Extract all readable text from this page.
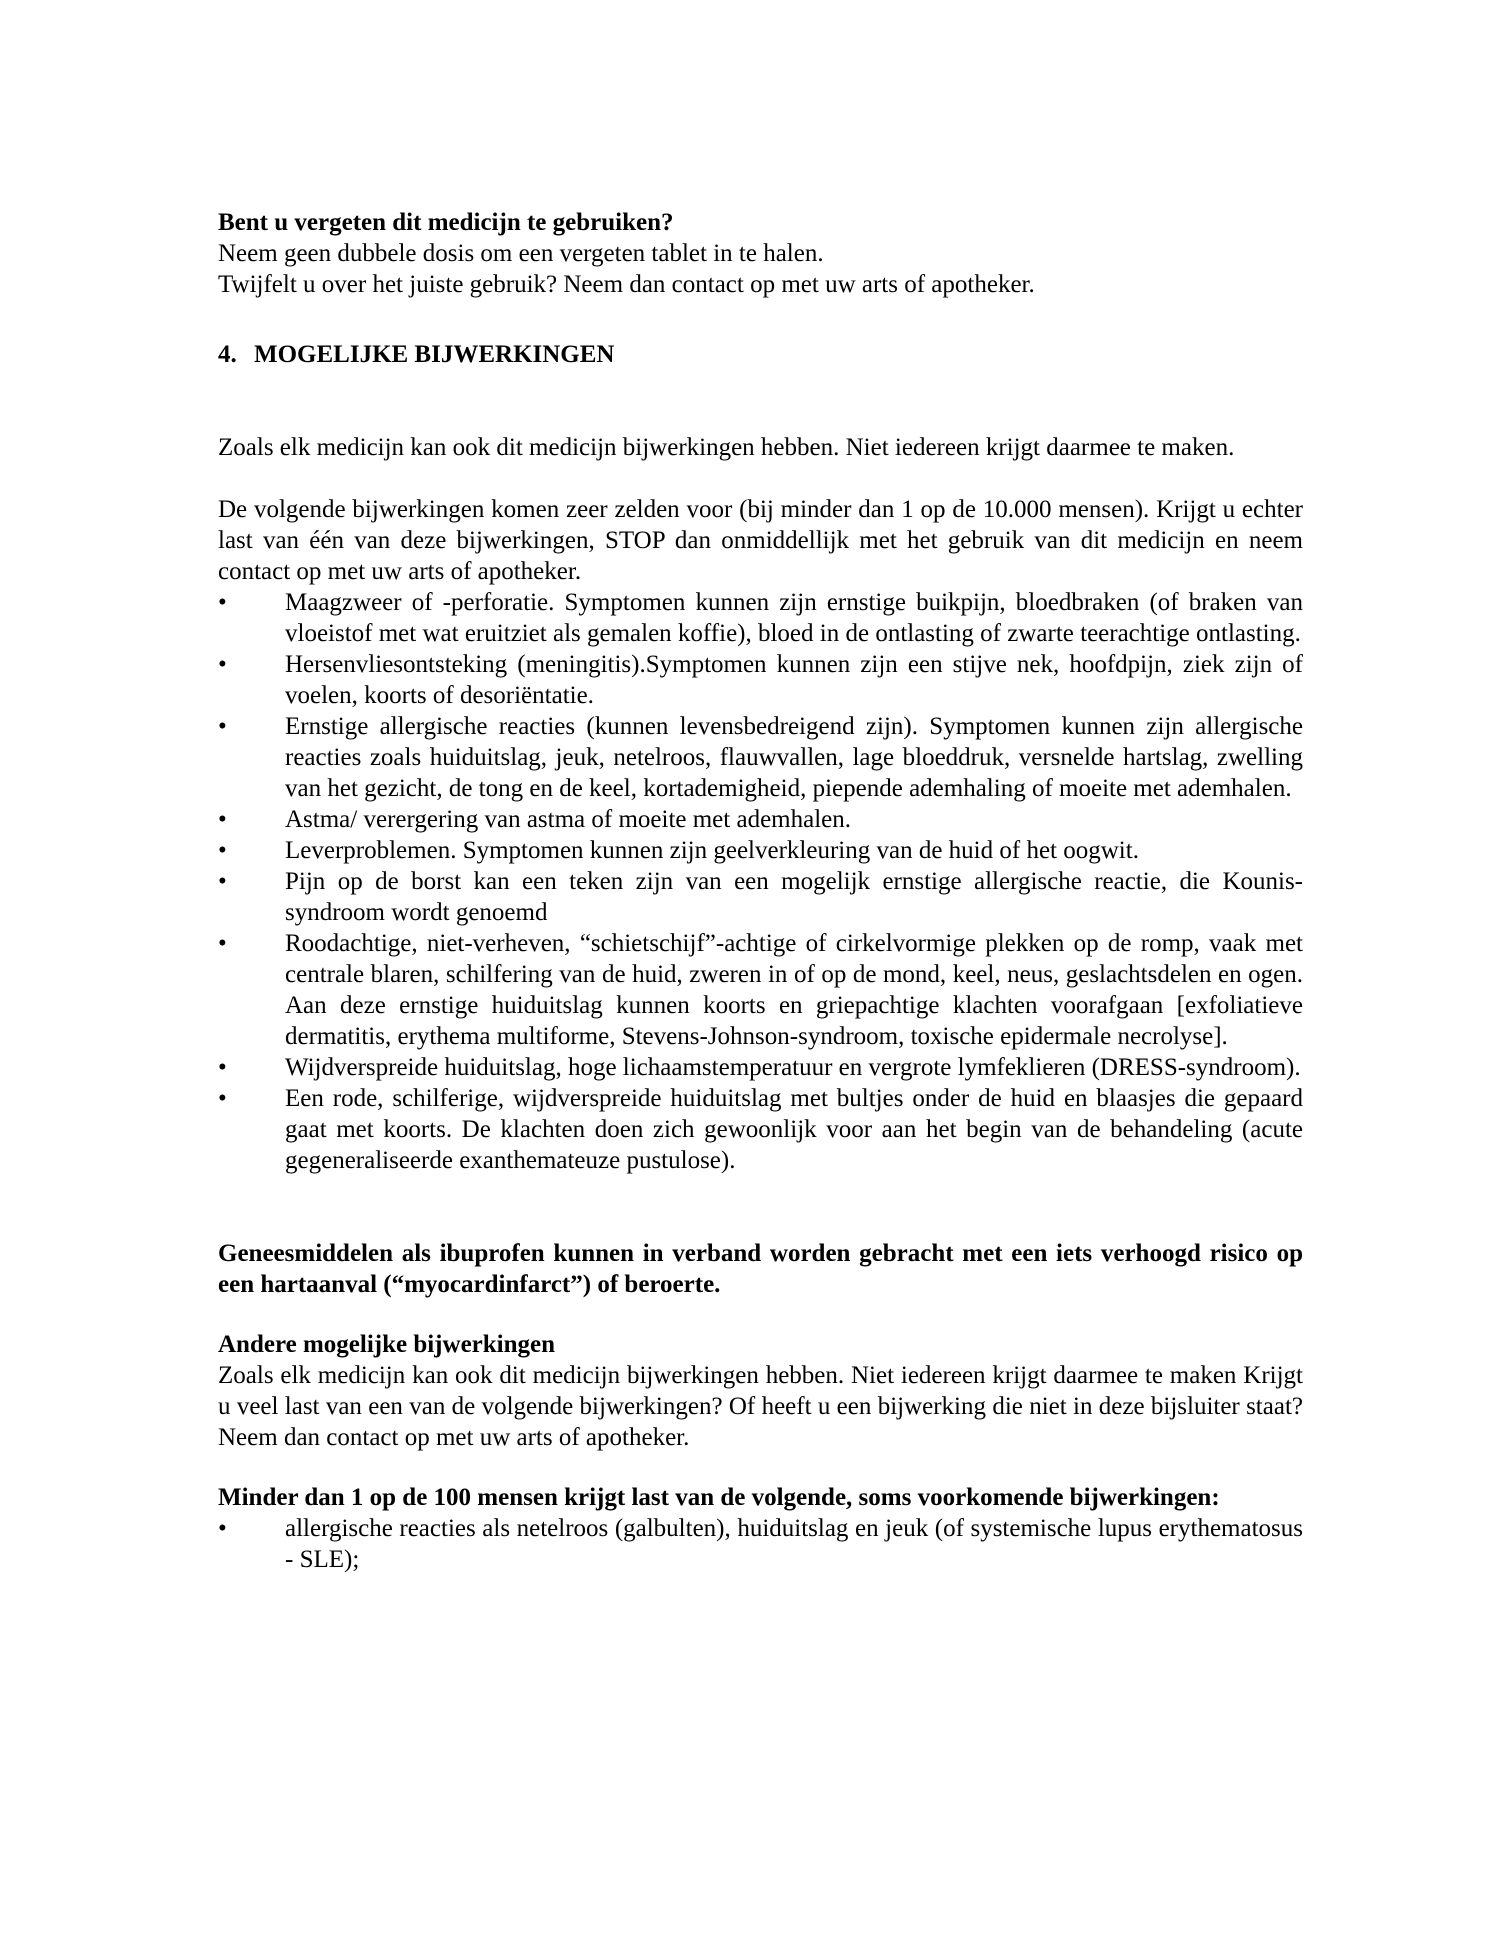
Bent u vergeten dit medicijn te gebruiken?

Neem geen dubbele dosis om een vergeten tablet in te halen.

Twijfelt u over het juiste gebruik? Neem dan contact op met uw arts of apotheker.

4. MOGELIJKE BIJWERKINGEN

Zoals elk medicijn kan ook dit medicijn bijwerkingen hebben. Niet iedereen krijgt daarmee te maken.

De volgende bijwerkingen komen zeer zelden voor (bij minder dan 1 op de 10.000 mensen). Krijgt u echter last van één van deze bijwerkingen, STOP dan onmiddellijk met het gebruik van dit medicijn en neem contact op met uw arts of apotheker.

•	Maagzweer of -perforatie. Symptomen kunnen zijn ernstige buikpijn, bloedbraken (of braken van vloeistof met wat eruitziet als gemalen koffie), bloed in de ontlasting of zwarte teerachtige ontlasting.
•	Hersenvliesontsteking (meningitis).Symptomen kunnen zijn een stijve nek, hoofdpijn, ziek zijn of voelen, koorts of desoriëntatie.
•	Ernstige allergische reacties (kunnen levensbedreigend zijn). Symptomen kunnen zijn allergische reacties zoals huiduitslag, jeuk, netelroos, flauwvallen, lage bloeddruk, versnelde hartslag, zwelling van het gezicht, de tong en de keel, kortademigheid, piepende ademhaling of moeite met ademhalen.
•	Astma/ verergering van astma of moeite met ademhalen.
•	Leverproblemen. Symptomen kunnen zijn geelverkleuring van de huid of het oogwit.
•	Pijn op de borst kan een teken zijn van een mogelijk ernstige allergische reactie, die Kounis-syndroom wordt genoemd
•	Roodachtige, niet-verheven, “schietschijf”-achtige of cirkelvormige plekken op de romp, vaak met centrale blaren, schilfering van de huid, zweren in of op de mond, keel, neus, geslachtsdelen en ogen. Aan deze ernstige huiduitslag kunnen koorts en griepachtige klachten voorafgaan [exfoliatieve dermatitis, erythema multiforme, Stevens-Johnson-syndroom, toxische epidermale necrolyse].
•	Wijdverspreide huiduitslag, hoge lichaamstemperatuur en vergrote lymfeklieren (DRESS-syndroom).
•	Een rode, schilferige, wijdverspreide huiduitslag met bultjes onder de huid en blaasjes die gepaard gaat met koorts. De klachten doen zich gewoonlijk voor aan het begin van de behandeling (acute gegeneraliseerde exanthemateuze pustulose).

Geneesmiddelen als ibuprofen kunnen in verband worden gebracht met een iets verhoogd risico op een hartaanval (“myocardinfarct”) of beroerte.

Andere mogelijke bijwerkingen

Zoals elk medicijn kan ook dit medicijn bijwerkingen hebben. Niet iedereen krijgt daarmee te maken Krijgt u veel last van een van de volgende bijwerkingen? Of heeft u een bijwerking die niet in deze bijsluiter staat? Neem dan contact op met uw arts of apotheker.

Minder dan 1 op de 100 mensen krijgt last van de volgende, soms voorkomende bijwerkingen:

•	allergische reacties als netelroos (galbulten), huiduitslag en jeuk (of systemische lupus erythematosus - SLE);
